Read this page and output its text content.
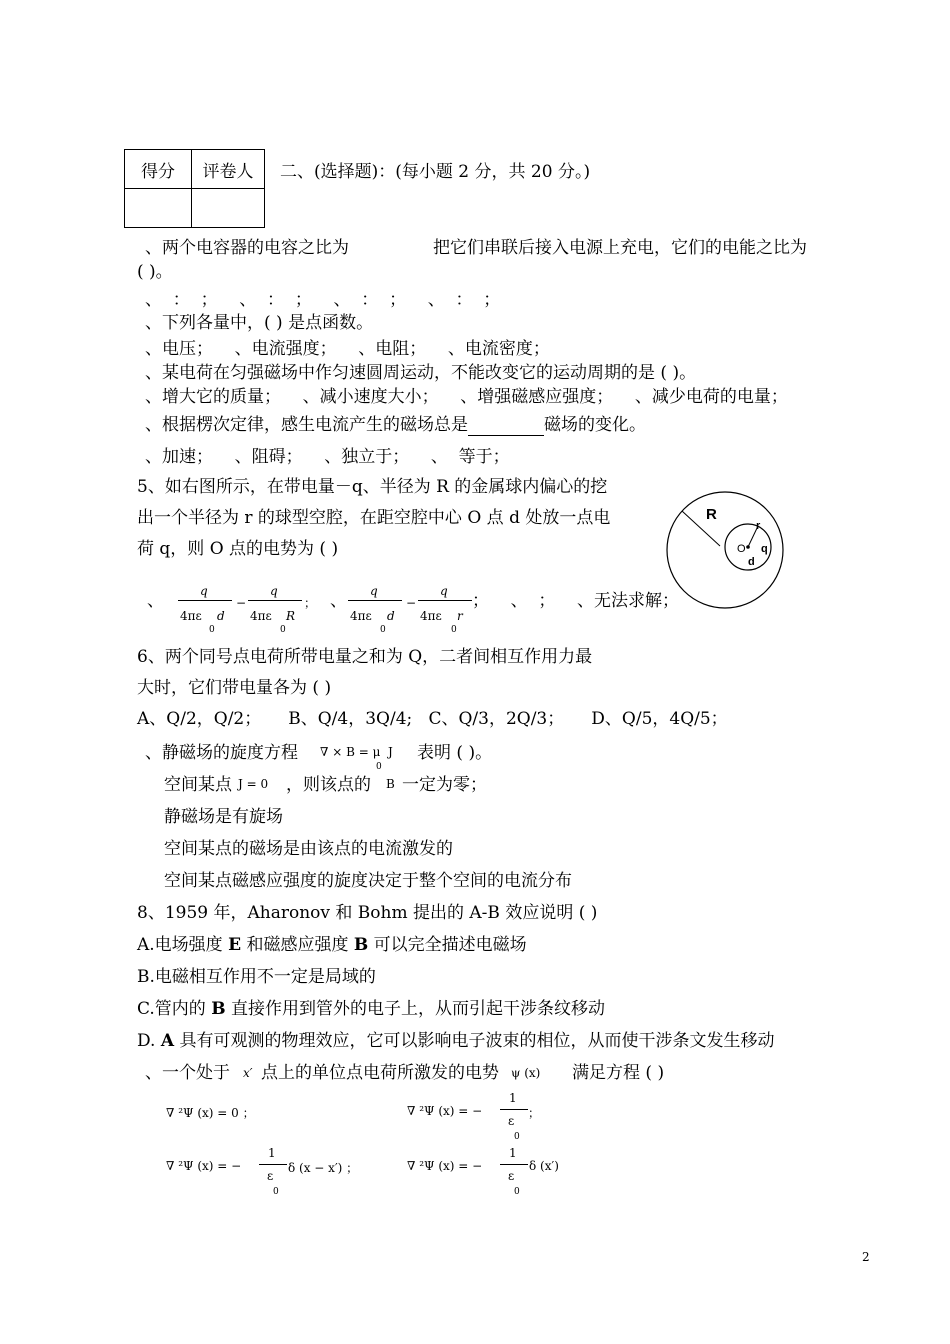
得分	评卷人
	二、(选择题)：(每小题 2 分，共 20 分。)
、两个电容器的电容之比为	把它们串联后接入电源上充电，它们的电能之比为
( )。
、  ：  ；    、  ：  ；    、  ：  ；    、  ：  ；
、下列各量中，( ) 是点函数。
、电压；    、电流强度；    、电阻；    、电流密度；
、某电荷在匀强磁场中作匀速圆周运动，不能改变它的运动周期的是 ( )。
、增大它的质量；    、减小速度大小；    、增强磁感应强度；    、减少电荷的电量；
、根据楞次定律，感生电流产生的磁场总是	磁场的变化。
、加速；    、阻碍；    、独立于；    、  等于；
5、如右图所示，在带电量－q、半径为 R 的金属球内偏心的挖
出一个半径为 r 的球型空腔，在距空腔中心 O 点 d 处放一点电
荷 q，则 O 点的电势为 ( )
R
r
O q
d
、	q
4πε d
0
−
q
4πε R
0
； 、 q
4πε d
0
−
q
4πε r
0
；    、  ；    、无法求解；
6、两个同号点电荷所带电量之和为 Q，二者间相互作用力最
大时，它们带电量各为 ( )
A、Q/2，Q/2；     B、Q/4，3Q/4;   C、Q/3，2Q/3；     D、Q/5，4Q/5；
、静磁场的旋度方程 ∇ × B = μ  J
0
表明 ( )。
空间某点 J = 0 ，则该点的 B 一定为零；
静磁场是有旋场
空间某点的磁场是由该点的电流激发的
空间某点磁感应强度的旋度决定于整个空间的电流分布
8、1959 年，Aharonov 和 Bohm 提出的 A-B 效应说明 ( )
A.电场强度 E 和磁感应强度 B 可以完全描述电磁场
B.电磁相互作用不一定是局域的
C.管内的 B 直接作用到管外的电子上，从而引起干涉条纹移动
D. A 具有可观测的物理效应，它可以影响电子波束的相位，从而使干涉条文发生移动
、一个处于 x′ 点上的单位点电荷所激发的电势 ψ (x) 满足方程 ( )
∇ ²Ψ (x) = 0 ；	∇ ²Ψ (x) = −
1
ε
0
；
∇ ²Ψ (x) = −
1
ε
0
δ (x − x′) ；	∇ ²Ψ (x) = −
1
ε
0
δ (x′)
2
